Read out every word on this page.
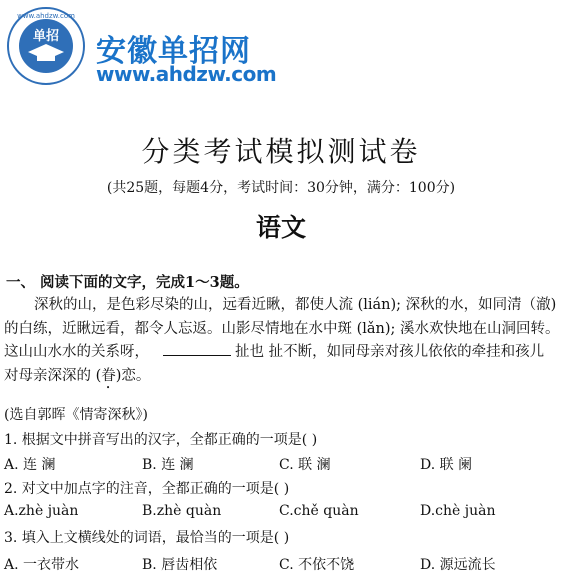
单招
www.ahdzw.com
安徽单招网
www.ahdzw.com
分类考试模拟测试卷
(共25题，每题4分，考试时间：30分钟，满分：100分)
语文
一、 阅读下面的文字，完成1～3题。

深秋的山，是色彩尽染的山，远看近瞅，都使人流 (lián); 深秋的水，如同清（澈)

的白练，近瞅远看，都令人忘返。山影尽情地在水中斑 (lǎn); 溪水欢快地在山洞回转。

这山山水水的关系呀，	扯也 扯不断，如同母亲对孩儿依依的牵挂和孩儿

对母亲深深的 (眷)恋。

(选自郭晖《情寄深秋》)
1. 根据文中拼音写出的汉字，全都正确的一项是( )
A. 连 澜	B. 连 澜	C. 联 澜	D. 联 阑
2. 对文中加点字的注音，全都正确的一项是( )
A.zhè juàn	B.zhè quàn	C.chě quàn	D.chè juàn
3. 填入上文横线处的词语，最恰当的一项是( )
A. 一衣带水	B. 唇齿相依	C. 不依不饶	D. 源远流长
